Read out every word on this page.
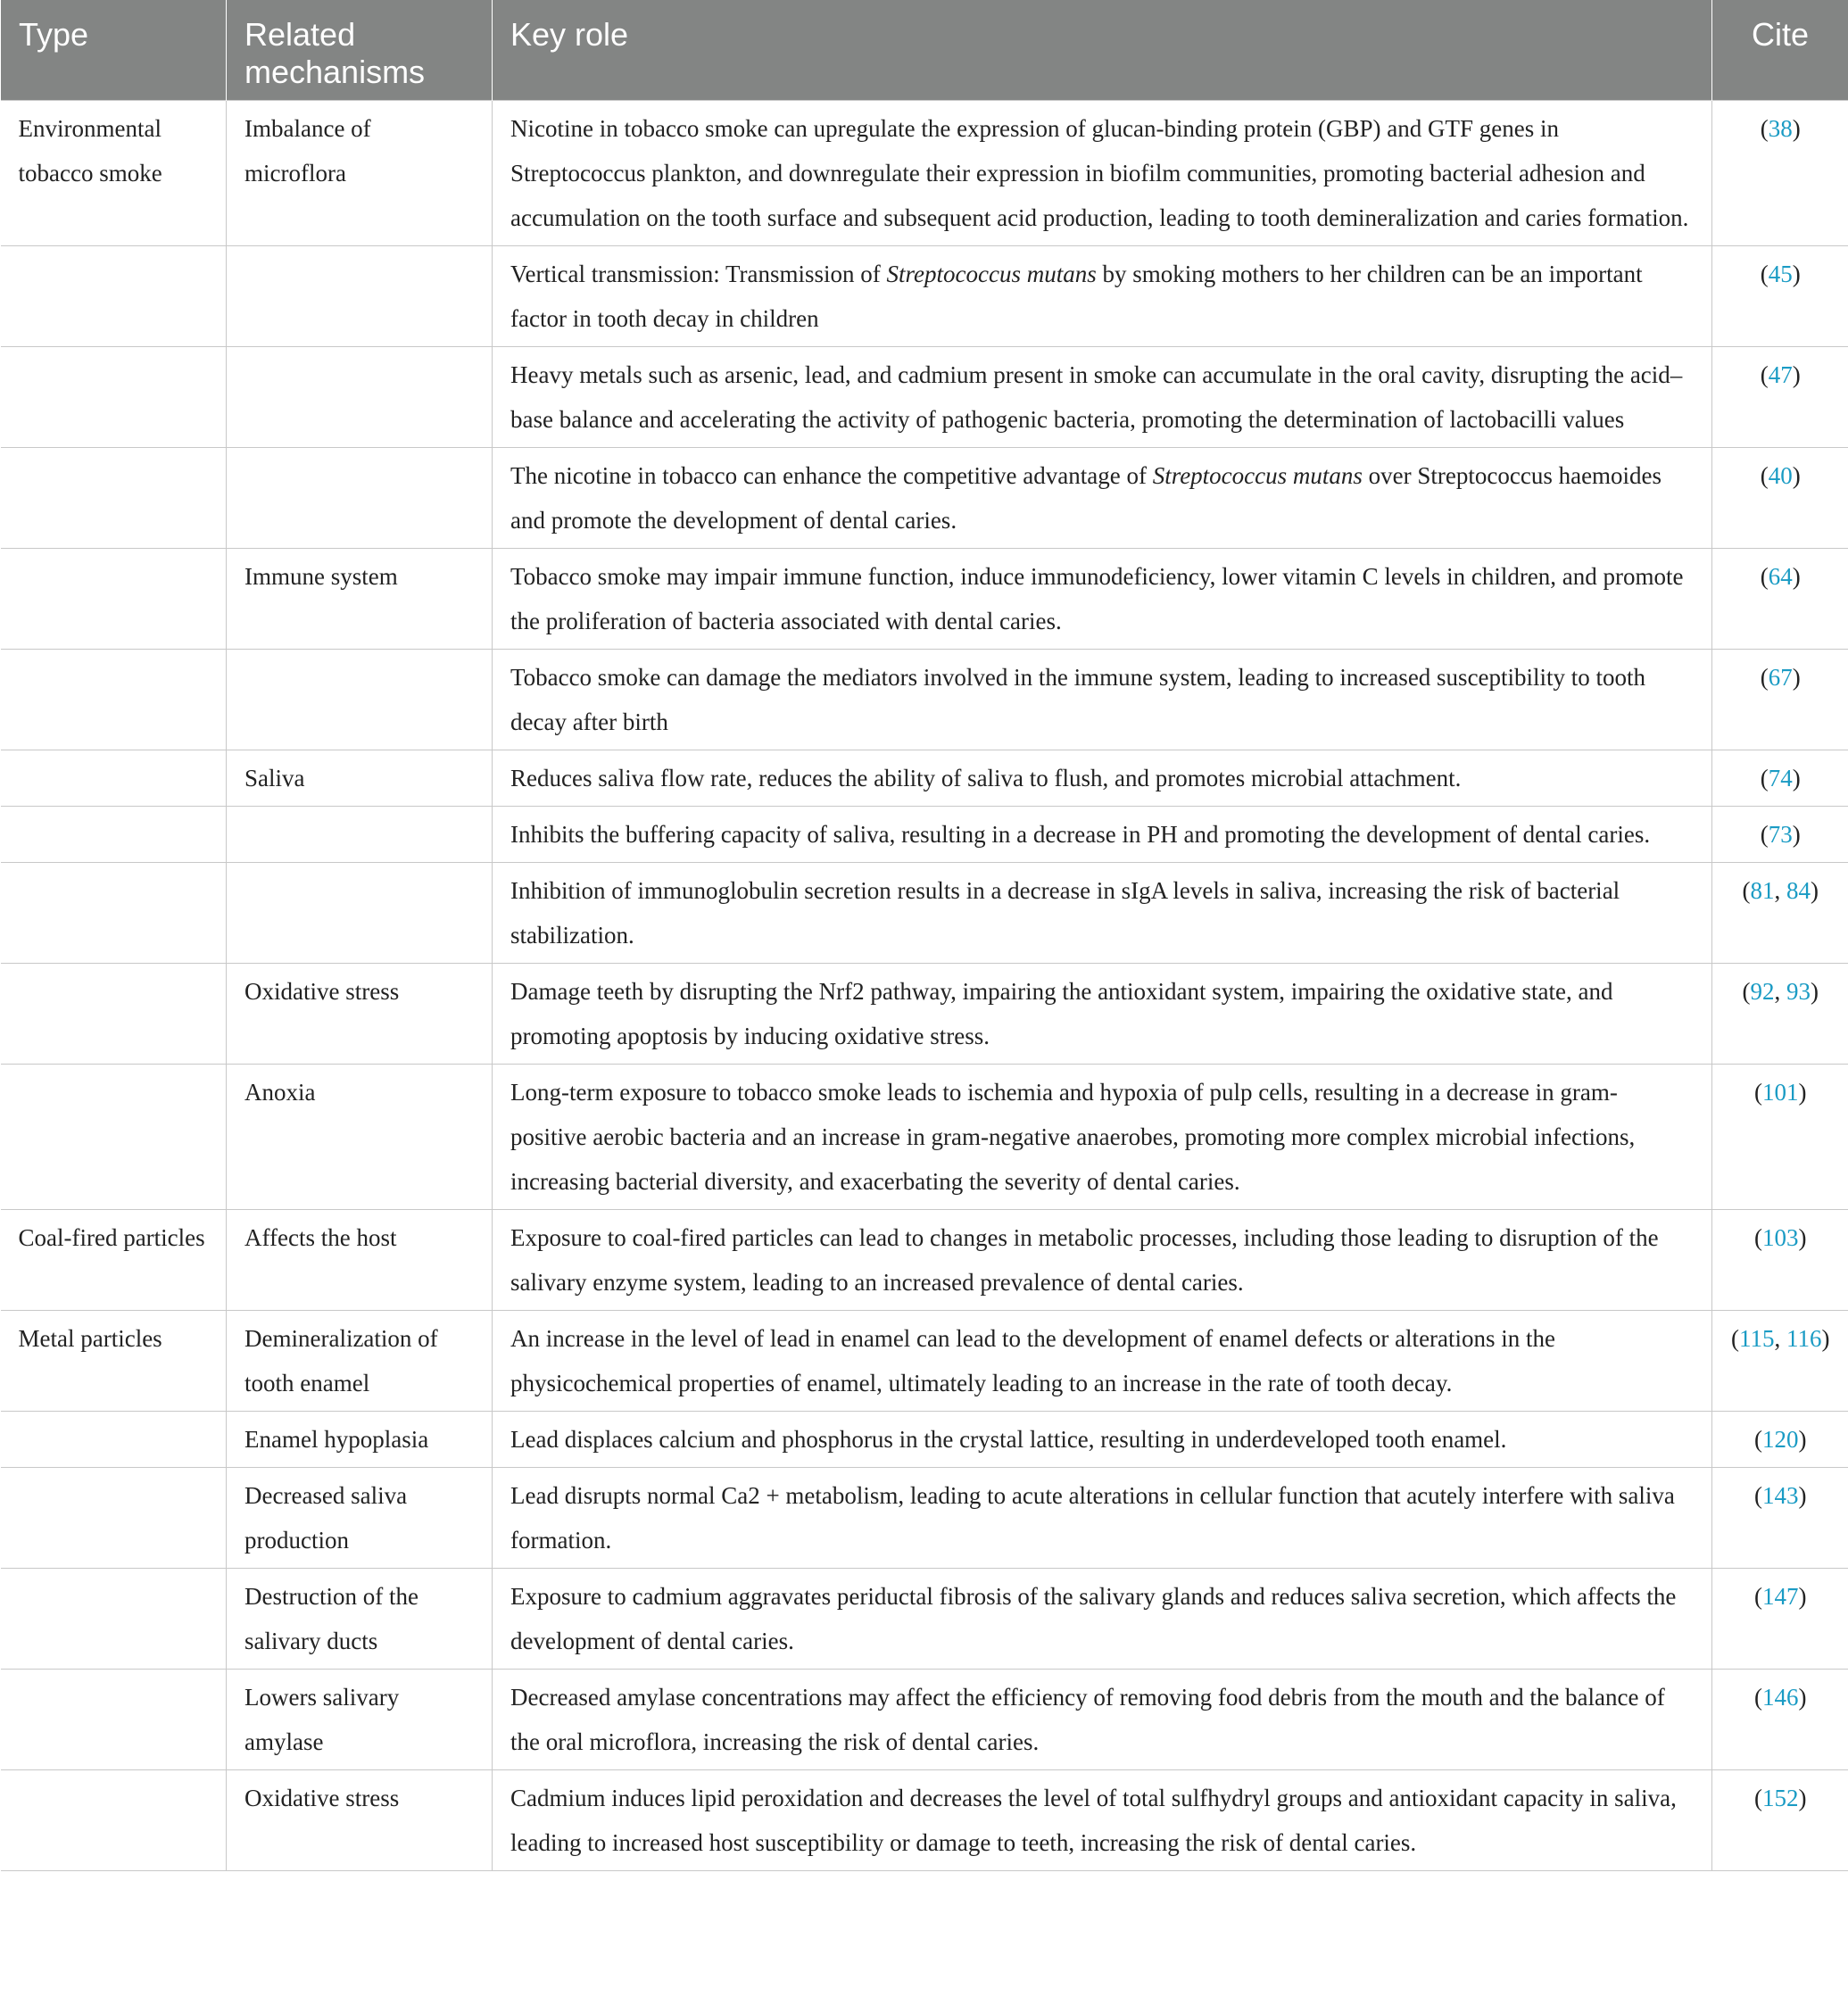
Type	Related mechanisms	Key role	Cite
Environmental tobacco smoke	Imbalance of microflora	Nicotine in tobacco smoke can upregulate the expression of glucan-binding protein (GBP) and GTF genes in Streptococcus plankton, and downregulate their expression in biofilm communities, promoting bacterial adhesion and accumulation on the tooth surface and subsequent acid production, leading to tooth demineralization and caries formation.	(38)
		Vertical transmission: Transmission of Streptococcus mutans by smoking mothers to her children can be an important factor in tooth decay in children	(45)
		Heavy metals such as arsenic, lead, and cadmium present in smoke can accumulate in the oral cavity, disrupting the acid–base balance and accelerating the activity of pathogenic bacteria, promoting the determination of lactobacilli values	(47)
		The nicotine in tobacco can enhance the competitive advantage of Streptococcus mutans over Streptococcus haemoides and promote the development of dental caries.	(40)
	Immune system	Tobacco smoke may impair immune function, induce immunodeficiency, lower vitamin C levels in children, and promote the proliferation of bacteria associated with dental caries.	(64)
		Tobacco smoke can damage the mediators involved in the immune system, leading to increased susceptibility to tooth decay after birth	(67)
	Saliva	Reduces saliva flow rate, reduces the ability of saliva to flush, and promotes microbial attachment.	(74)
		Inhibits the buffering capacity of saliva, resulting in a decrease in PH and promoting the development of dental caries.	(73)
		Inhibition of immunoglobulin secretion results in a decrease in sIgA levels in saliva, increasing the risk of bacterial stabilization.	(81, 84)
	Oxidative stress	Damage teeth by disrupting the Nrf2 pathway, impairing the antioxidant system, impairing the oxidative state, and promoting apoptosis by inducing oxidative stress.	(92, 93)
	Anoxia	Long-term exposure to tobacco smoke leads to ischemia and hypoxia of pulp cells, resulting in a decrease in gram-positive aerobic bacteria and an increase in gram-negative anaerobes, promoting more complex microbial infections, increasing bacterial diversity, and exacerbating the severity of dental caries.	(101)
Coal-fired particles	Affects the host	Exposure to coal-fired particles can lead to changes in metabolic processes, including those leading to disruption of the salivary enzyme system, leading to an increased prevalence of dental caries.	(103)
Metal particles	Demineralization of tooth enamel	An increase in the level of lead in enamel can lead to the development of enamel defects or alterations in the physicochemical properties of enamel, ultimately leading to an increase in the rate of tooth decay.	(115, 116)
	Enamel hypoplasia	Lead displaces calcium and phosphorus in the crystal lattice, resulting in underdeveloped tooth enamel.	(120)
	Decreased saliva production	Lead disrupts normal Ca2 + metabolism, leading to acute alterations in cellular function that acutely interfere with saliva formation.	(143)
	Destruction of the salivary ducts	Exposure to cadmium aggravates periductal fibrosis of the salivary glands and reduces saliva secretion, which affects the development of dental caries.	(147)
	Lowers salivary amylase	Decreased amylase concentrations may affect the efficiency of removing food debris from the mouth and the balance of the oral microflora, increasing the risk of dental caries.	(146)
	Oxidative stress	Cadmium induces lipid peroxidation and decreases the level of total sulfhydryl groups and antioxidant capacity in saliva, leading to increased host susceptibility or damage to teeth, increasing the risk of dental caries.	(152)
